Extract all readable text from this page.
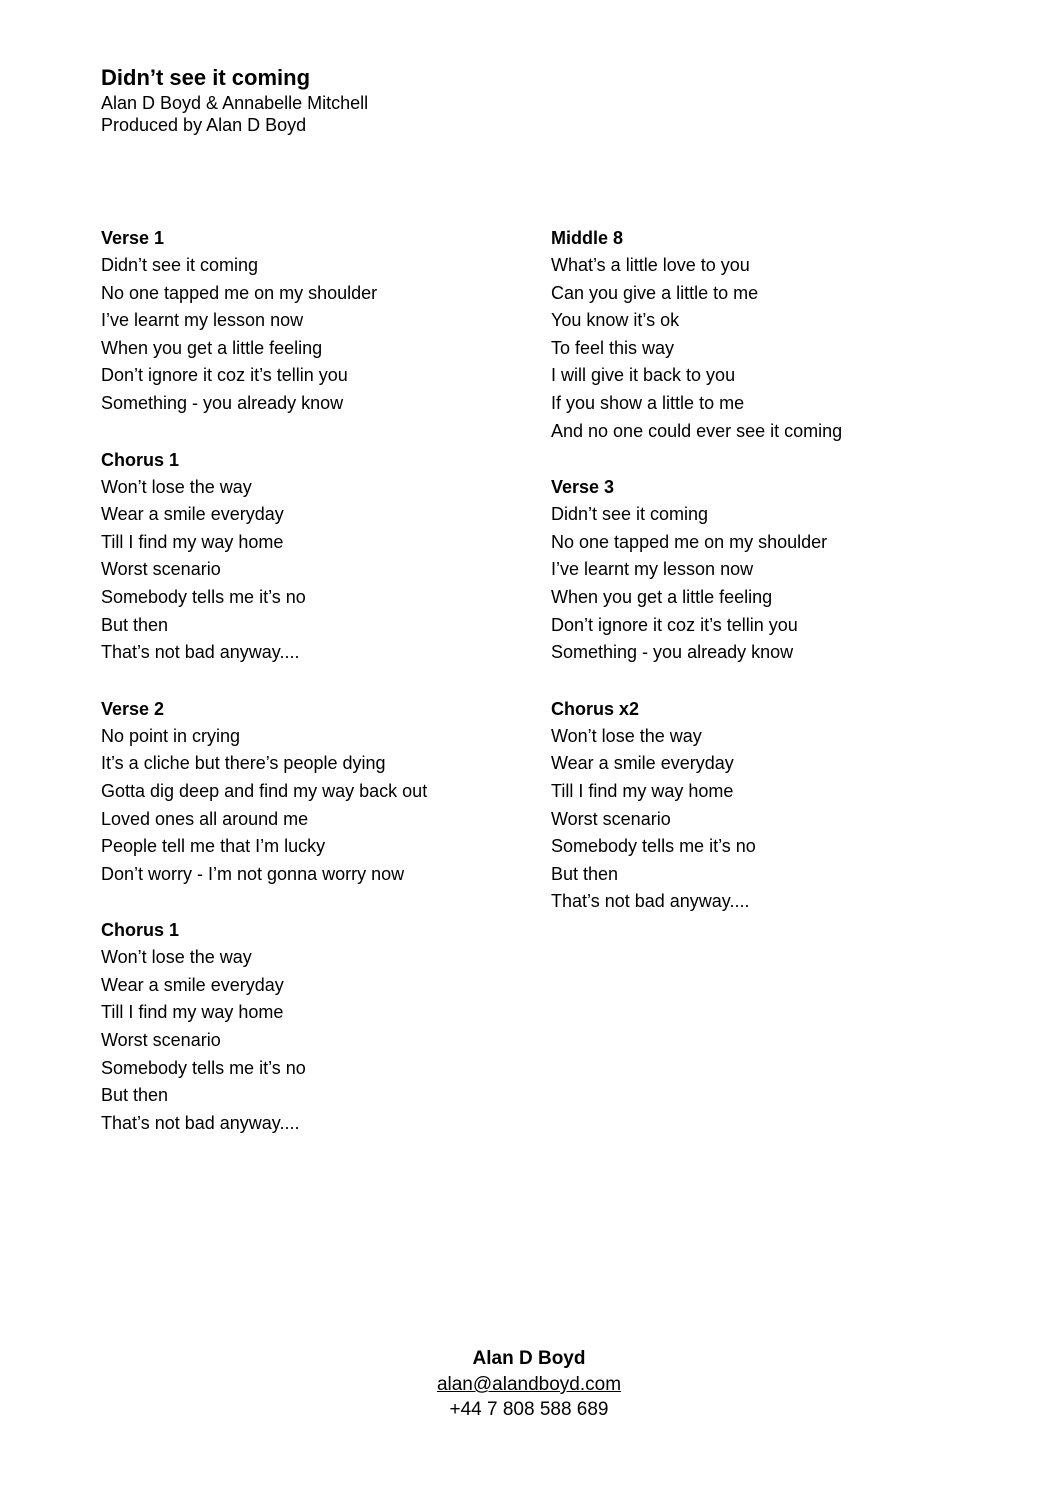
Didn’t see it coming

Alan D Boyd & Annabelle Mitchell

Produced by Alan D Boyd

Verse 1

Didn’t see it coming

No one tapped me on my shoulder

I’ve learnt my lesson now

When you get a little feeling

Don’t ignore it coz it’s tellin you

Something - you already know

Chorus 1

Won’t lose the way

Wear a smile everyday

Till I find my way home

Worst scenario

Somebody tells me it’s no

But then

That’s not bad anyway....

Verse 2

No point in crying

It’s a cliche but there’s people dying

Gotta dig deep and find my way back out

Loved ones all around me

People tell me that I’m lucky

Don’t worry - I’m not gonna worry now

Chorus 1

Won’t lose the way

Wear a smile everyday

Till I find my way home

Worst scenario

Somebody tells me it’s no

But then

That’s not bad anyway....

Middle 8

What’s a little love to you

Can you give a little to me

You know it’s ok

To feel this way

I will give it back to you

If you show a little to me

And no one could ever see it coming

Verse 3

Didn’t see it coming

No one tapped me on my shoulder

I’ve learnt my lesson now

When you get a little feeling

Don’t ignore it coz it’s tellin you

Something - you already know

Chorus x2

Won’t lose the way

Wear a smile everyday

Till I find my way home

Worst scenario

Somebody tells me it’s no

But then

That’s not bad anyway....

Alan D Boyd
alan@alandboyd.com
+44 7 808 588 689
